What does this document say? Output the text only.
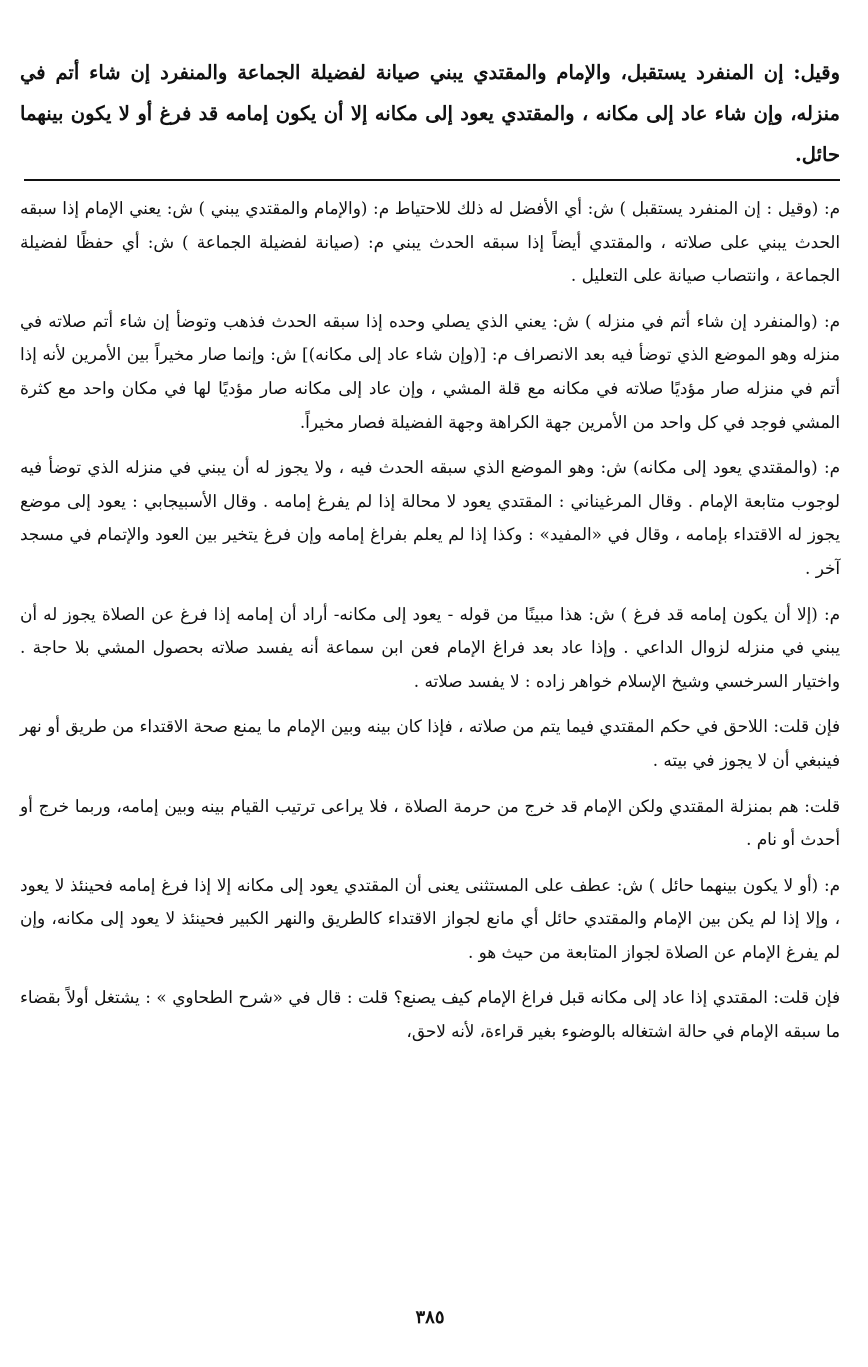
وقيل: إن المنفرد يستقبل، والإمام والمقتدي يبني صيانة لفضيلة الجماعة والمنفرد إن شاء أتم في منزله، وإن شاء عاد إلى مكانه ، والمقتدي يعود إلى مكانه إلا أن يكون إمامه قد فرغ أو لا يكون بينهما حائل.

م: (وقيل : إن المنفرد يستقبل ) ش: أي الأفضل له ذلك للاحتياط م: (والإمام والمقتدي يبني ) ش: يعني الإمام إذا سبقه الحدث يبني على صلاته ، والمقتدي أيضاً إذا سبقه الحدث يبني م: (صيانة لفضيلة الجماعة ) ش: أي حفظًا لفضيلة الجماعة ، وانتصاب صيانة على التعليل .

م: (والمنفرد إن شاء أتم في منزله ) ش: يعني الذي يصلي وحده إذا سبقه الحدث فذهب وتوضأ إن شاء أتم صلاته في منزله وهو الموضع الذي توضأ فيه بعد الانصراف م: [(وإن شاء عاد إلى مكانه)] ش: وإنما صار مخيراً بين الأمرين لأنه إذا أتم في منزله صار مؤديًا صلاته في مكانه مع قلة المشي ، وإن عاد إلى مكانه صار مؤديًا لها في مكان واحد مع كثرة المشي فوجد في كل واحد من الأمرين جهة الكراهة وجهة الفضيلة فصار مخيراً.

م: (والمقتدي يعود إلى مكانه) ش: وهو الموضع الذي سبقه الحدث فيه ، ولا يجوز له أن يبني في منزله الذي توضأ فيه لوجوب متابعة الإمام . وقال المرغيناني : المقتدي يعود لا محالة إذا لم يفرغ إمامه . وقال الأسبيجابي : يعود إلى موضع يجوز له الاقتداء بإمامه ، وقال في «المفيد» : وكذا إذا لم يعلم بفراغ إمامه وإن فرغ يتخير بين العود والإتمام في مسجد آخر .

م: (إلا أن يكون إمامه قد فرغ ) ش: هذا مبينًا من قوله - يعود إلى مكانه- أراد أن إمامه إذا فرغ عن الصلاة يجوز له أن يبني في منزله لزوال الداعي . وإذا عاد بعد فراغ الإمام فعن ابن سماعة أنه يفسد صلاته بحصول المشي بلا حاجة . واختيار السرخسي وشيخ الإسلام خواهر زاده : لا يفسد صلاته .

فإن قلت: اللاحق في حكم المقتدي فيما يتم من صلاته ، فإذا كان بينه وبين الإمام ما يمنع صحة الاقتداء من طريق أو نهر فينبغي أن لا يجوز في بيته .

قلت: هم بمنزلة المقتدي ولكن الإمام قد خرج من حرمة الصلاة ، فلا يراعى ترتيب القيام بينه وبين إمامه، وربما خرج أو أحدث أو نام .

م: (أو لا يكون بينهما حائل ) ش: عطف على المستثنى يعنى أن المقتدي يعود إلى مكانه إلا إذا فرغ إمامه فحينئذ لا يعود ، وإلا إذا لم يكن بين الإمام والمقتدي حائل أي مانع لجواز الاقتداء كالطريق والنهر الكبير فحينئذ لا يعود إلى مكانه، وإن لم يفرغ الإمام عن الصلاة لجواز المتابعة من حيث هو .

فإن قلت: المقتدي إذا عاد إلى مكانه قبل فراغ الإمام كيف يصنع؟ قلت : قال في «شرح الطحاوي » : يشتغل أولاً بقضاء ما سبقه الإمام في حالة اشتغاله بالوضوء بغير قراءة، لأنه لاحق،

٣٨٥
